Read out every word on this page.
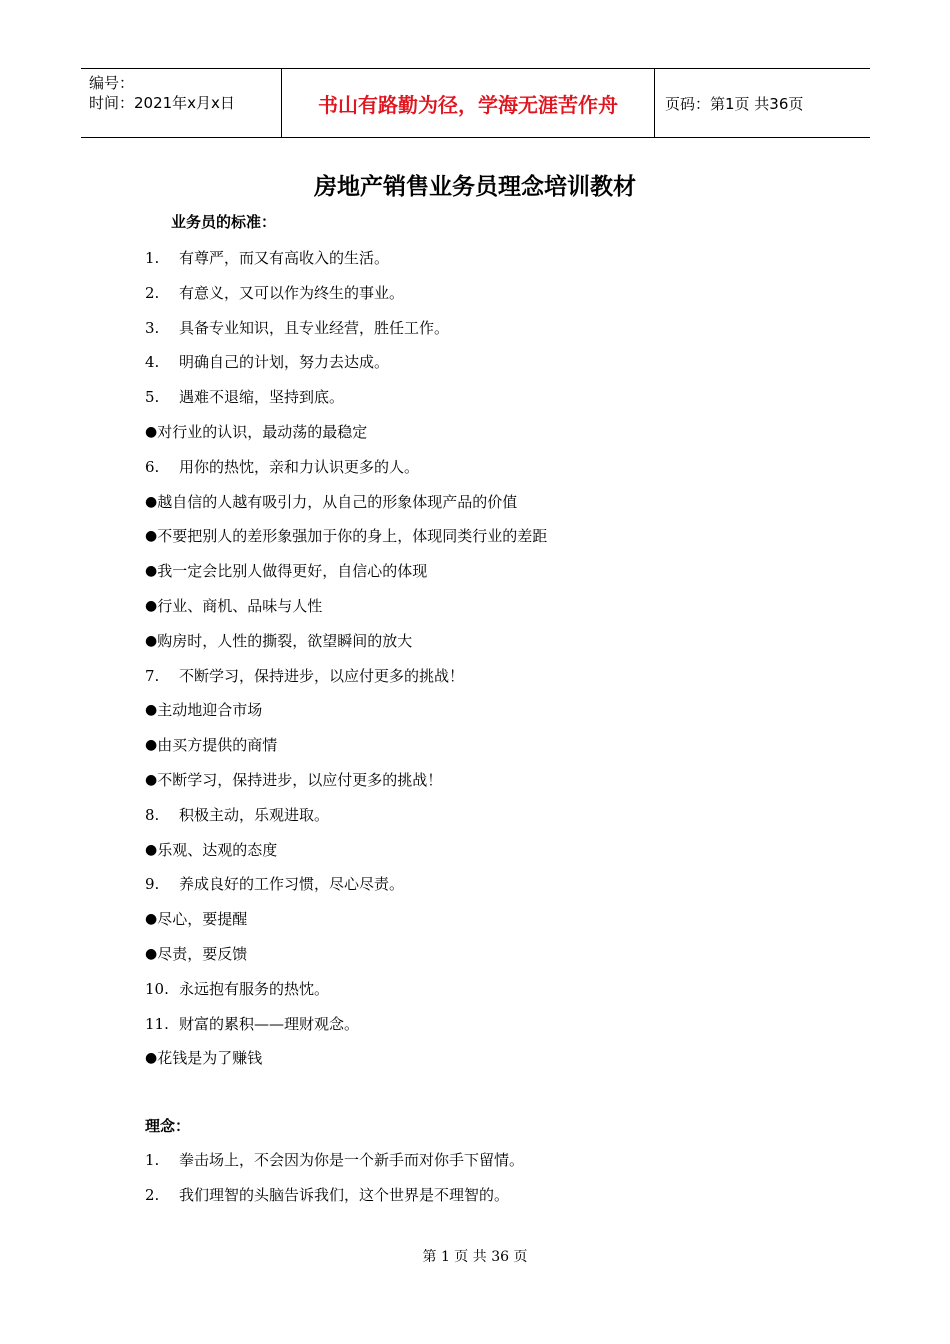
编号：
时间：2021年x月x日	书山有路勤为径，学海无涯苦作舟	页码：第1页 共36页
房地产销售业务员理念培训教材
业务员的标准：
1.	有尊严，而又有高收入的生活。
2.	有意义，又可以作为终生的事业。
3.	具备专业知识，且专业经营，胜任工作。
4.	明确自己的计划，努力去达成。
5.	遇难不退缩，坚持到底。
● 对行业的认识，最动荡的最稳定
6.	用你的热忱，亲和力认识更多的人。
● 越自信的人越有吸引力，从自己的形象体现产品的价值
● 不要把别人的差形象强加于你的身上，体现同类行业的差距
● 我一定会比别人做得更好，自信心的体现
● 行业、商机、品味与人性
● 购房时，人性的撕裂，欲望瞬间的放大
7.	不断学习，保持进步，以应付更多的挑战！
● 主动地迎合市场
● 由买方提供的商情
● 不断学习，保持进步，以应付更多的挑战！
8.	积极主动，乐观进取。
● 乐观、达观的态度
9.	养成良好的工作习惯，尽心尽责。
● 尽心，要提醒
● 尽责，要反馈
10. 永远抱有服务的热忱。
11. 财富的累积——理财观念。
● 花钱是为了赚钱
理念：
1.	拳击场上，不会因为你是一个新手而对你手下留情。
2.	我们理智的头脑告诉我们，这个世界是不理智的。
第 1 页 共 36 页
